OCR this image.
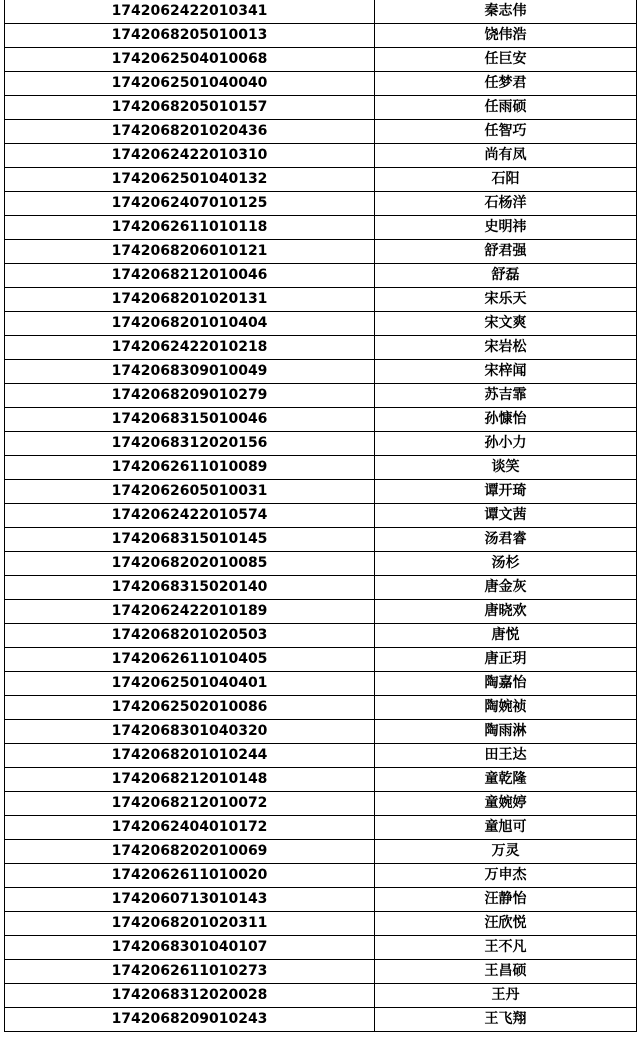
1742062422010341	秦志伟
1742068205010013	饶伟浩
1742062504010068	任巨安
1742062501040040	任梦君
1742068205010157	任雨硕
1742068201020436	任智巧
1742062422010310	尚有凤
1742062501040132	石阳
1742062407010125	石杨洋
1742062611010118	史明祎
1742068206010121	舒君强
1742068212010046	舒磊
1742068201020131	宋乐天
1742068201010404	宋文爽
1742062422010218	宋岩松
1742068309010049	宋梓闻
1742068209010279	苏吉霏
1742068315010046	孙慷怡
1742068312020156	孙小力
1742062611010089	谈笑
1742062605010031	谭开琦
1742062422010574	谭文茜
1742068315010145	汤君睿
1742068202010085	汤杉
1742068315020140	唐金灰
1742062422010189	唐晓欢
1742068201020503	唐悦
1742062611010405	唐正玥
1742062501040401	陶嘉怡
1742062502010086	陶婉祯
1742068301040320	陶雨淋
1742068201010244	田王达
1742068212010148	童乾隆
1742068212010072	童婉婷
1742062404010172	童旭可
1742068202010069	万灵
1742062611010020	万申杰
1742060713010143	汪静怡
1742068201020311	汪欣悦
1742068301040107	王不凡
1742062611010273	王昌硕
1742068312020028	王丹
1742068209010243	王飞翔
